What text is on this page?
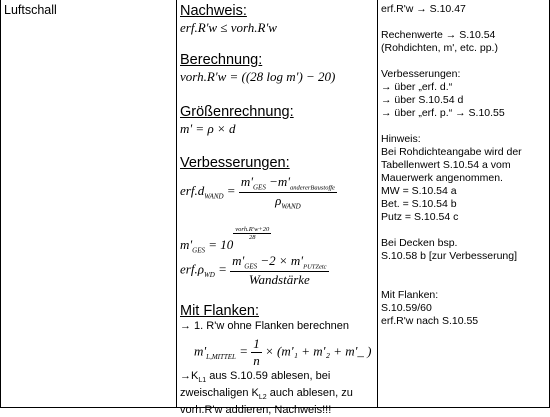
Luftschall	Nachweis:
erf.R'w ≤ vorh.R'w
Berechnung:
vorh.R'w = ((28 log m') − 20)
Größenrechnung:
m' = ρ × d
Verbesserungen:
$erf.d_{WAND} = \frac{m'_{GES} -m'_{andererBaustoffe}}{\rho_{WAND}}$
$m'_{GES} = 10$
$^{\frac{\text{vorh.R'w+20}}{28}}$
$erf.\rho_{WD} = \frac{m'_{GES} -2 \times m'_{PUTZetc}}{\text{Wandstärke}}$
Mit Flanken:
→ 1. R'w ohne Flanken berechnen
$m'_{L,MITTEL} = \frac{1}{n} \times (m'_1 + m'_2$ + m'_ )
$\to K_{L1}$ aus S.10.59 ablesen, bei
zweischaligen $K_{L2}$ auch ablesen, zu
vorh.R'w addieren, Nachweis!!!
erf.R'w → S.10.47
Rechenwerte → S.10.54
(Rohdichten, m', etc. pp.)
Verbesserungen:
→ über „erf. d.“
→ über S.10.54 d
→ über „erf. p.“ → S.10.55
Hinweis:
Bei Rohdichteangabe wird der
Tabellenwert S.10.54 a vom
Mauerwerk angenommen.
MW = S.10.54 a
Bet. = S.10.54 b
Putz = S.10.54 c
Bei Decken bsp.
S.10.58 b [zur Verbesserung]
Mit Flanken:
S.10.59/60
erf.R'w nach S.10.55
